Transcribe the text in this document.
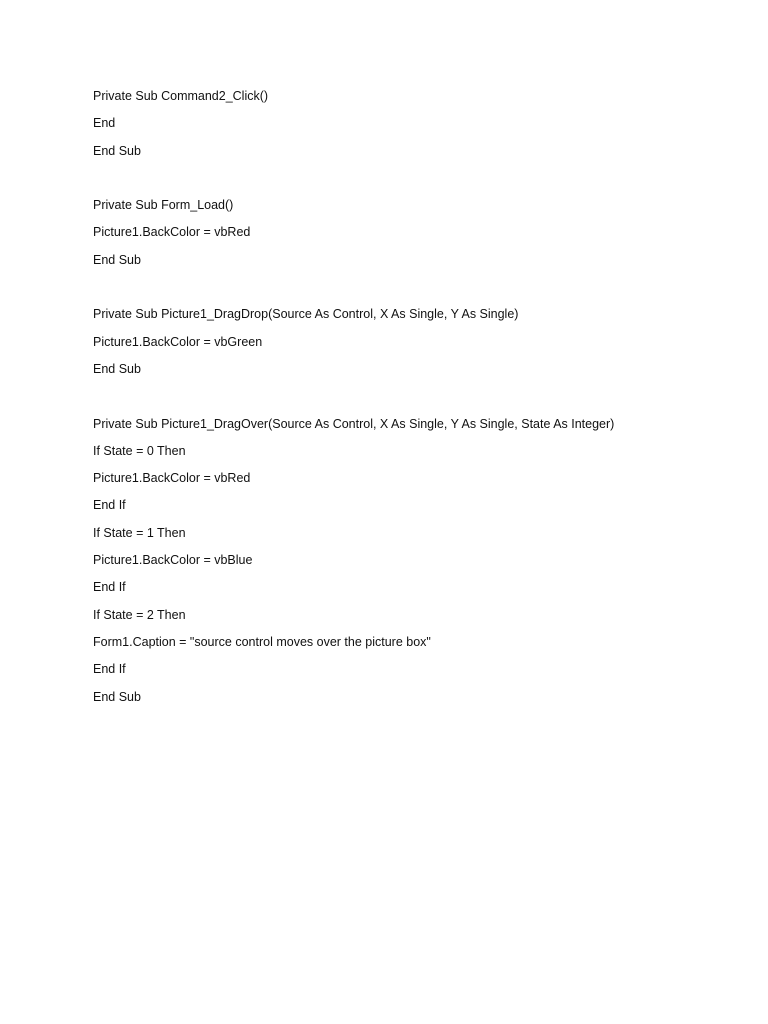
Private Sub Command2_Click()
End
End Sub
Private Sub Form_Load()
Picture1.BackColor = vbRed
End Sub
Private Sub Picture1_DragDrop(Source As Control, X As Single, Y As Single)
Picture1.BackColor = vbGreen
End Sub
Private Sub Picture1_DragOver(Source As Control, X As Single, Y As Single, State As Integer)
If State = 0 Then
Picture1.BackColor = vbRed
End If
If State = 1 Then
Picture1.BackColor = vbBlue
End If
If State = 2 Then
Form1.Caption = "source control moves over the picture box"
End If
End Sub
